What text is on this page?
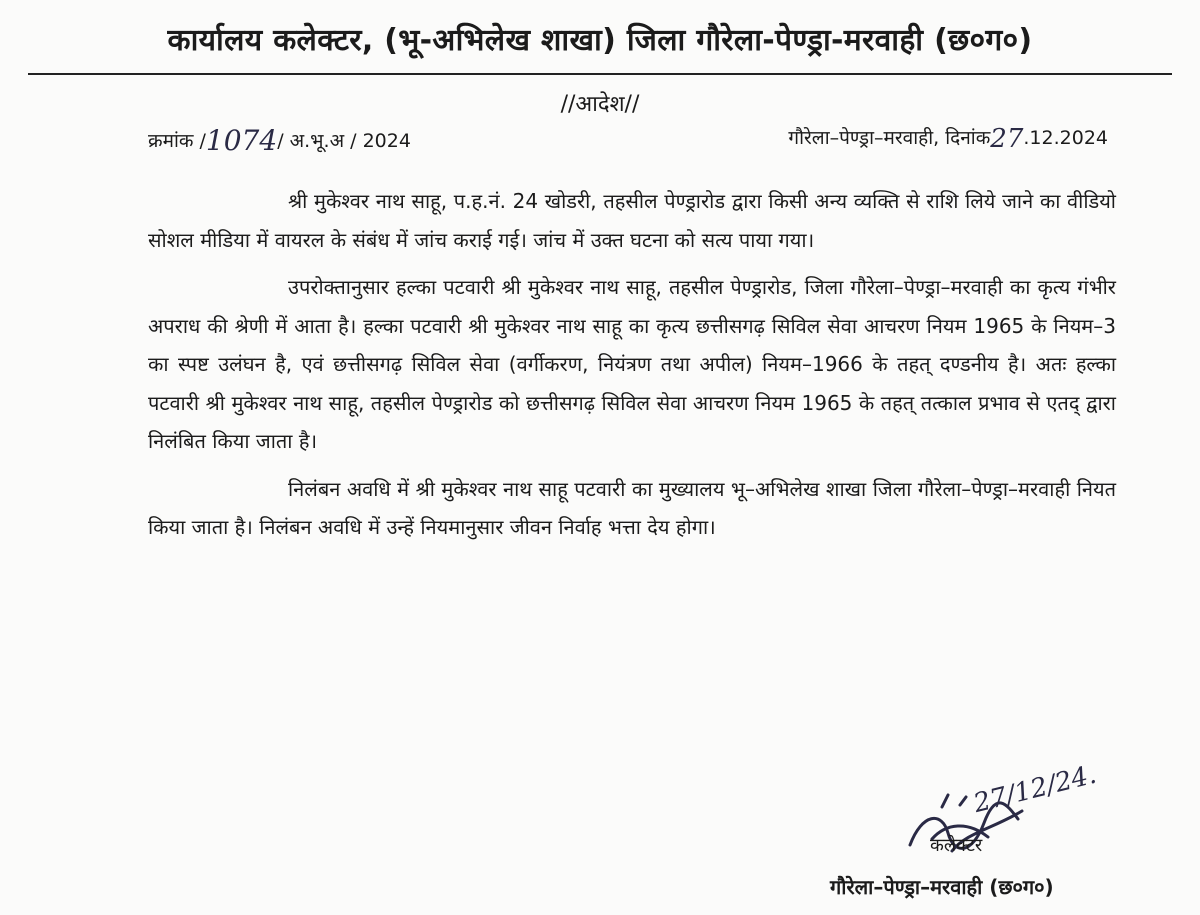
कार्यालय कलेक्टर, (भू-अभिलेख शाखा) जिला गौरेला-पेण्ड्रा-मरवाही (छ०ग०)
//आदेश//
क्रमांक /1074/ अ.भू.अ / 2024	गौरेला–पेण्ड्रा–मरवाही, दिनांक27.12.2024

श्री मुकेश्वर नाथ साहू, प.ह.नं. 24 खोडरी, तहसील पेण्ड्रारोड द्वारा किसी अन्य व्यक्ति से राशि लिये जाने का वीडियो सोशल मीडिया में वायरल के संबंध में जांच कराई गई। जांच में उक्त घटना को सत्य पाया गया।

उपरोक्तानुसार हल्का पटवारी श्री मुकेश्वर नाथ साहू, तहसील पेण्ड्रारोड, जिला गौरेला–पेण्ड्रा–मरवाही का कृत्य गंभीर अपराध की श्रेणी में आता है। हल्का पटवारी श्री मुकेश्वर नाथ साहू का कृत्य छत्तीसगढ़ सिविल सेवा आचरण नियम 1965 के नियम–3 का स्पष्ट उलंघन है, एवं छत्तीसगढ़ सिविल सेवा (वर्गीकरण, नियंत्रण तथा अपील) नियम–1966 के तहत् दण्डनीय है। अतः हल्का पटवारी श्री मुकेश्वर नाथ साहू, तहसील पेण्ड्रारोड को छत्तीसगढ़ सिविल सेवा आचरण नियम 1965 के तहत् तत्काल प्रभाव से एतद् द्वारा निलंबित किया जाता है।

निलंबन अवधि में श्री मुकेश्वर नाथ साहू पटवारी का मुख्यालय भू–अभिलेख शाखा जिला गौरेला–पेण्ड्रा–मरवाही नियत किया जाता है। निलंबन अवधि में उन्हें नियमानुसार जीवन निर्वाह भत्ता देय होगा।

27/12/24.
कलेक्टर
गौरेला–पेण्ड्रा–मरवाही (छ०ग०)
